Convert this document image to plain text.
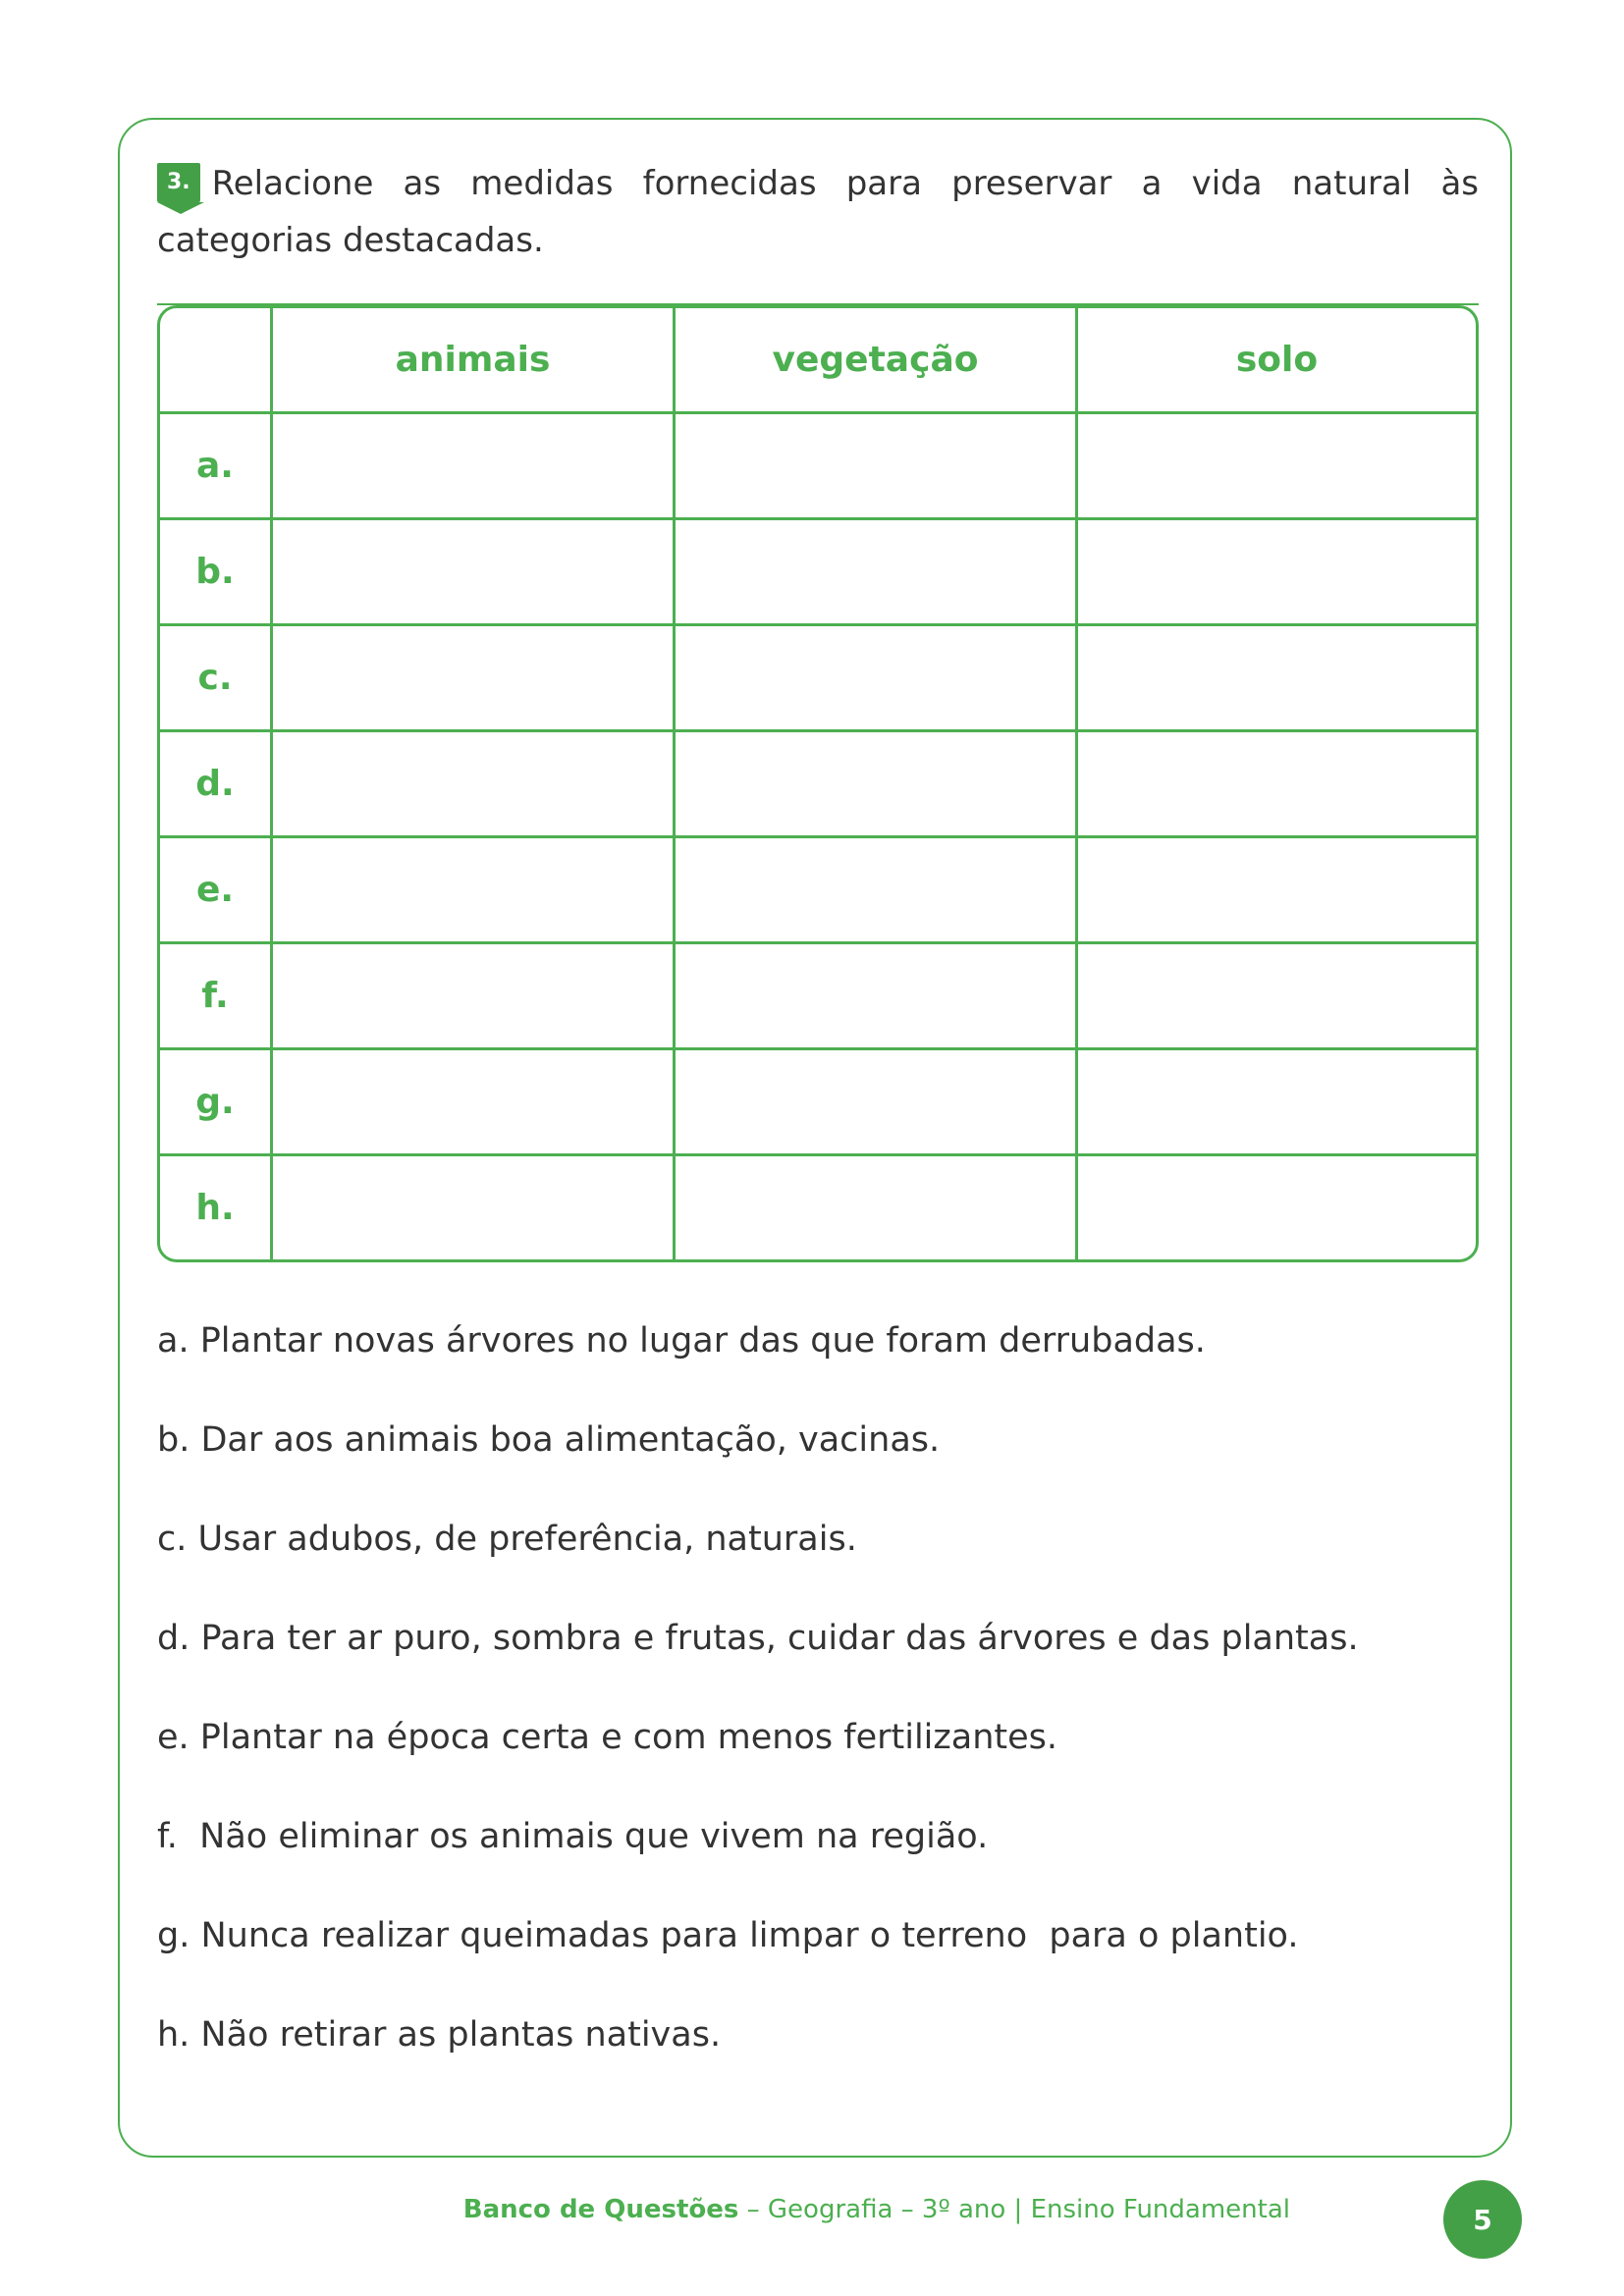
3. Relacione as medidas fornecidas para preservar a vida natural às categorias destacadas.
	animais	vegetação	solo
a.			
b.			
c.			
d.			
e.			
f.			
g.			
h.			
a. Plantar novas árvores no lugar das que foram derrubadas.
b. Dar aos animais boa alimentação, vacinas.
c. Usar adubos, de preferência, naturais.
d. Para ter ar puro, sombra e frutas, cuidar das árvores e das plantas.
e. Plantar na época certa e com menos fertilizantes.
f.  Não eliminar os animais que vivem na região.
g. Nunca realizar queimadas para limpar o terreno  para o plantio.
h. Não retirar as plantas nativas.
Banco de Questões – Geografia – 3º ano | Ensino Fundamental	5
